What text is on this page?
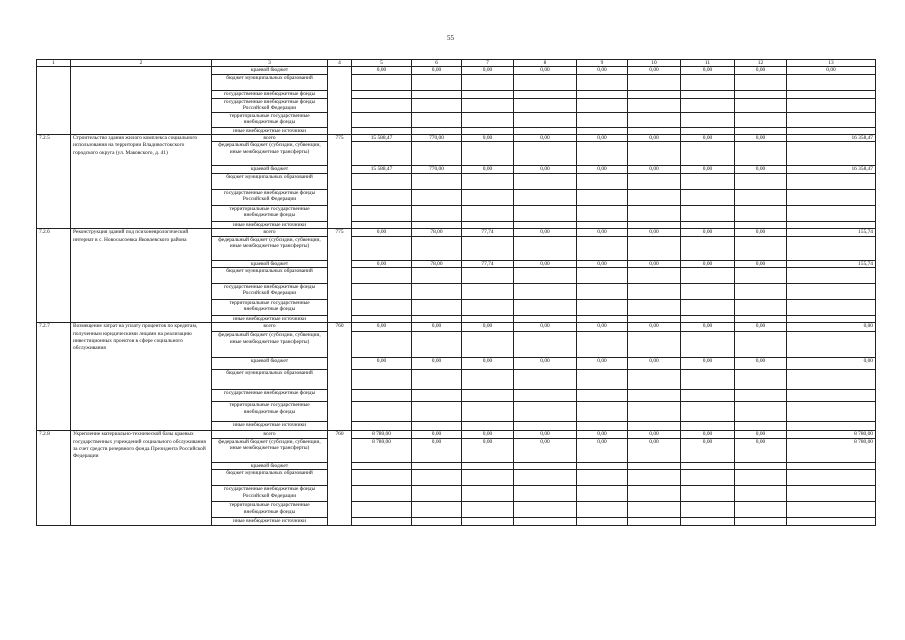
55
1	2	3	4	5	6	7	8	9	10	11	12	13
		краевой бюджет		0,00	0,00	0,00	0,00	0,00	0,00	0,00	0,00	0,00
		бюджет муниципальных образований										
		государственные внебюджетные фонды										
		государственные внебюджетные фонды Российской Федерации										
		территориальные государственные внебюджетные фонды										
		иные внебюджетные источники										
7.2.5	Строительство здания жилого комплекса социального использования на территории Владивостокского городского округа (ул. Маковского, д. 41)	всего	775	15 588,47	770,00	0,00	0,00	0,00	0,00	0,00	0,00	16 358,47
		федеральный бюджет (субсидии, субвенции, иные межбюджетные трансферты)										
		краевой бюджет		15 588,47	770,00	0,00	0,00	0,00	0,00	0,00	0,00	16 358,47
		бюджет муниципальных образований										
		государственные внебюджетные фонды Российской Федерации										
		территориальные государственные внебюджетные фонды										
		иные внебюджетные источники										
7.2.6	Реконструкция зданий под психоневрологический интернат в с. Новосысоевка Яковлевского района	всего	775	0,00	78,00	77,74	0,00	0,00	0,00	0,00	0,00	155,74
		федеральный бюджет (субсидии, субвенции, иные межбюджетные трансферты)										
		краевой бюджет		0,00	78,00	77,74	0,00	0,00	0,00	0,00	0,00	155,74
		бюджет муниципальных образований										
		государственные внебюджетные фонды Российской Федерации										
		территориальные государственные внебюджетные фонды										
		иные внебюджетные источники										
7.2.7	Возмещение затрат на уплату процентов по кредитам, полученным юридическими лицами на реализацию инвестиционных проектов в сфере социального обслуживания	всего	760	0,00	0,00	0,00	0,00	0,00	0,00	0,00	0,00	0,00
		федеральный бюджет (субсидии, субвенции, иные межбюджетные трансферты)										
		краевой бюджет		0,00	0,00	0,00	0,00	0,00	0,00	0,00	0,00	0,00
		бюджет муниципальных образований										
		государственные внебюджетные фонды										
		территориальные государственные внебюджетные фонды										
		иные внебюджетные источники										
7.2.8	Укрепление материально-технической базы краевых государственных учреждений социального обслуживания за счет средств резервного фонда Президента Российской Федерации	всего	760	8 780,00	0,00	0,00	0,00	0,00	0,00	0,00	0,00	8 780,00
		федеральный бюджет (субсидии, субвенции, иные межбюджетные трансферты)		8 780,00	0,00	0,00	0,00	0,00	0,00	0,00	0,00	8 780,00
		краевой бюджет										
		бюджет муниципальных образований										
		государственные внебюджетные фонды Российской Федерации										
		территориальные государственные внебюджетные фонды										
		иные внебюджетные источники										
